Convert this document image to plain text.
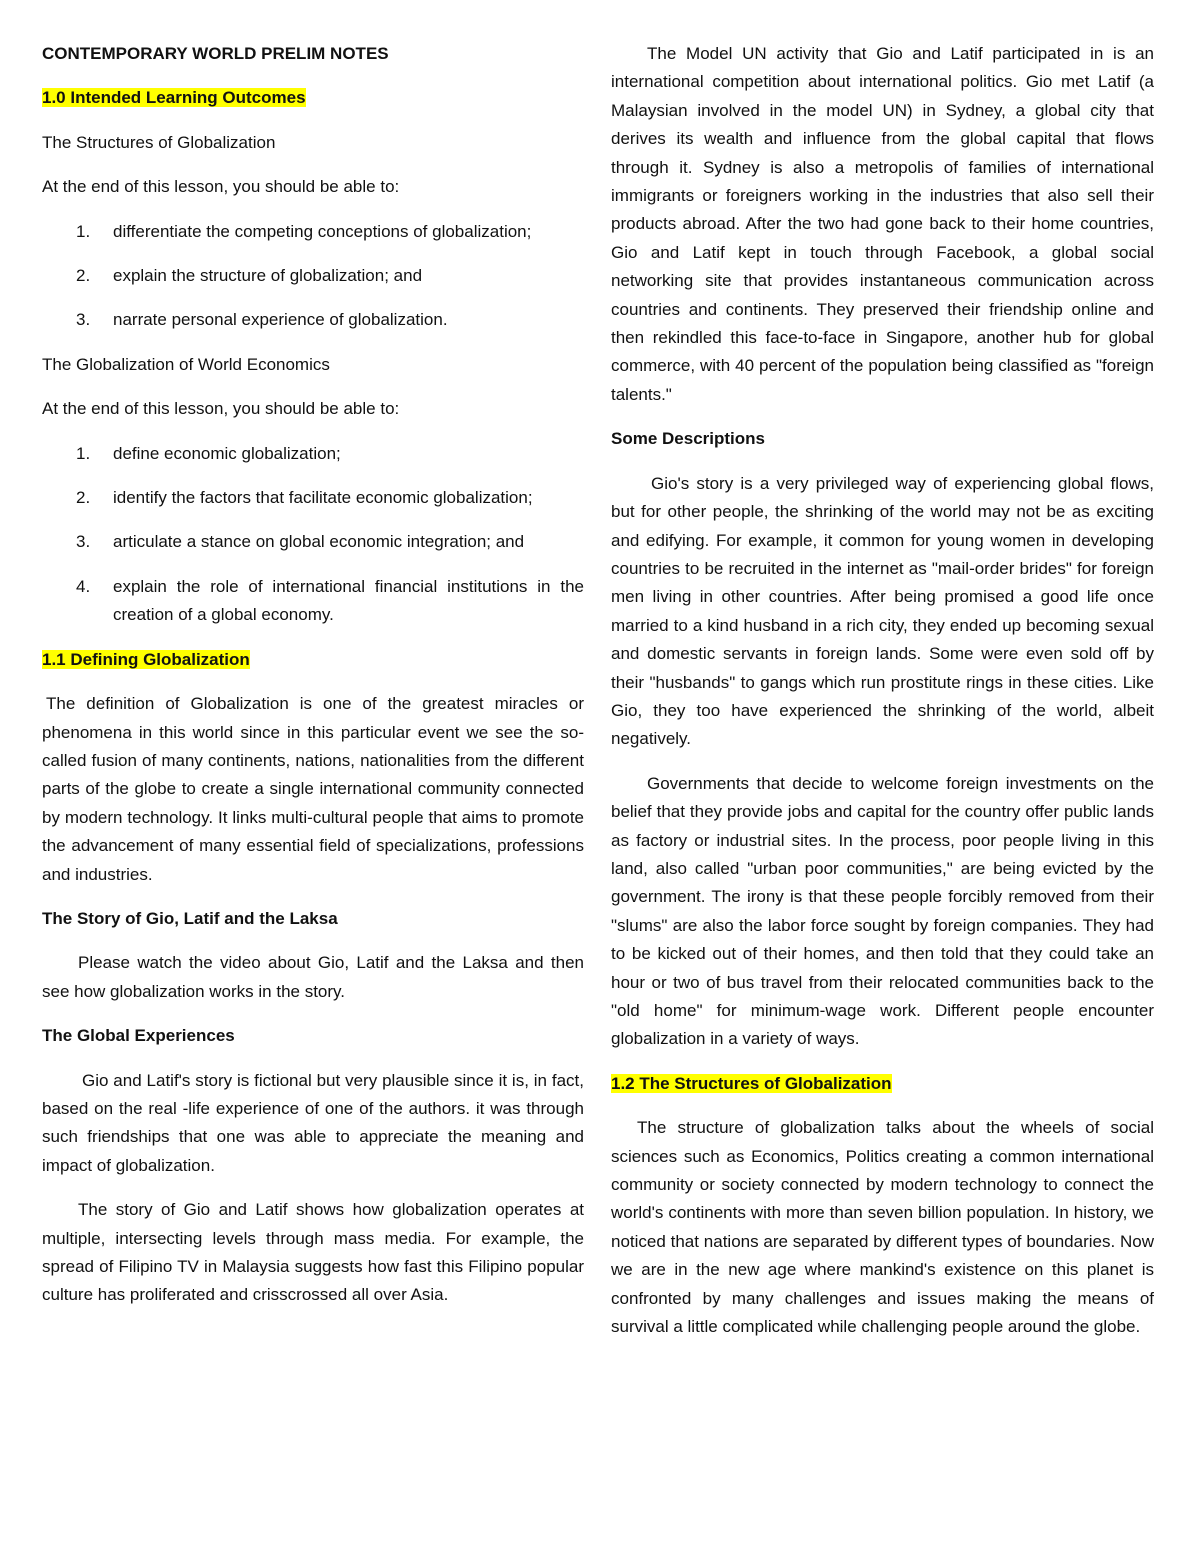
CONTEMPORARY WORLD PRELIM NOTES

1.0 Intended Learning Outcomes

The Structures of Globalization

At the end of this lesson, you should be able to:

1. differentiate the competing conceptions of globalization;
2. explain the structure of globalization; and
3. narrate personal experience of globalization.

The Globalization of World Economics

At the end of this lesson, you should be able to:

1. define economic globalization;
2. identify the factors that facilitate economic globalization;
3. articulate a stance on global economic integration; and
4. explain the role of international financial institutions in the creation of a global economy.

1.1 Defining Globalization

The definition of Globalization is one of the greatest miracles or phenomena in this world since in this particular event we see the so-called fusion of many continents, nations, nationalities from the different parts of the globe to create a single international community connected by modern technology. It links multi-cultural people that aims to promote the advancement of many essential field of specializations, professions and industries.

The Story of Gio, Latif and the Laksa

Please watch the video about Gio, Latif and the Laksa and then see how globalization works in the story.

The Global Experiences

Gio and Latif's story is fictional but very plausible since it is, in fact, based on the real -life experience of one of the authors. it was through such friendships that one was able to appreciate the meaning and impact of globalization.

The story of Gio and Latif shows how globalization operates at multiple, intersecting levels through mass media. For example, the spread of Filipino TV in Malaysia suggests how fast this Filipino popular culture has proliferated and crisscrossed all over Asia.

The Model UN activity that Gio and Latif participated in is an international competition about international politics. Gio met Latif (a Malaysian involved in the model UN) in Sydney, a global city that derives its wealth and influence from the global capital that flows through it. Sydney is also a metropolis of families of international immigrants or foreigners working in the industries that also sell their products abroad. After the two had gone back to their home countries, Gio and Latif kept in touch through Facebook, a global social networking site that provides instantaneous communication across countries and continents. They preserved their friendship online and then rekindled this face-to-face in Singapore, another hub for global commerce, with 40 percent of the population being classified as "foreign talents."

Some Descriptions

Gio's story is a very privileged way of experiencing global flows, but for other people, the shrinking of the world may not be as exciting and edifying. For example, it common for young women in developing countries to be recruited in the internet as "mail-order brides" for foreign men living in other countries. After being promised a good life once married to a kind husband in a rich city, they ended up becoming sexual and domestic servants in foreign lands. Some were even sold off by their "husbands" to gangs which run prostitute rings in these cities. Like Gio, they too have experienced the shrinking of the world, albeit negatively.

Governments that decide to welcome foreign investments on the belief that they provide jobs and capital for the country offer public lands as factory or industrial sites. In the process, poor people living in this land, also called "urban poor communities," are being evicted by the government. The irony is that these people forcibly removed from their "slums" are also the labor force sought by foreign companies. They had to be kicked out of their homes, and then told that they could take an hour or two of bus travel from their relocated communities back to the "old home" for minimum-wage work. Different people encounter globalization in a variety of ways.

1.2 The Structures of Globalization

The structure of globalization talks about the wheels of social sciences such as Economics, Politics creating a common international community or society connected by modern technology to connect the world's continents with more than seven billion population. In history, we noticed that nations are separated by different types of boundaries. Now we are in the new age where mankind's existence on this planet is confronted by many challenges and issues making the means of survival a little complicated while challenging people around the globe.
